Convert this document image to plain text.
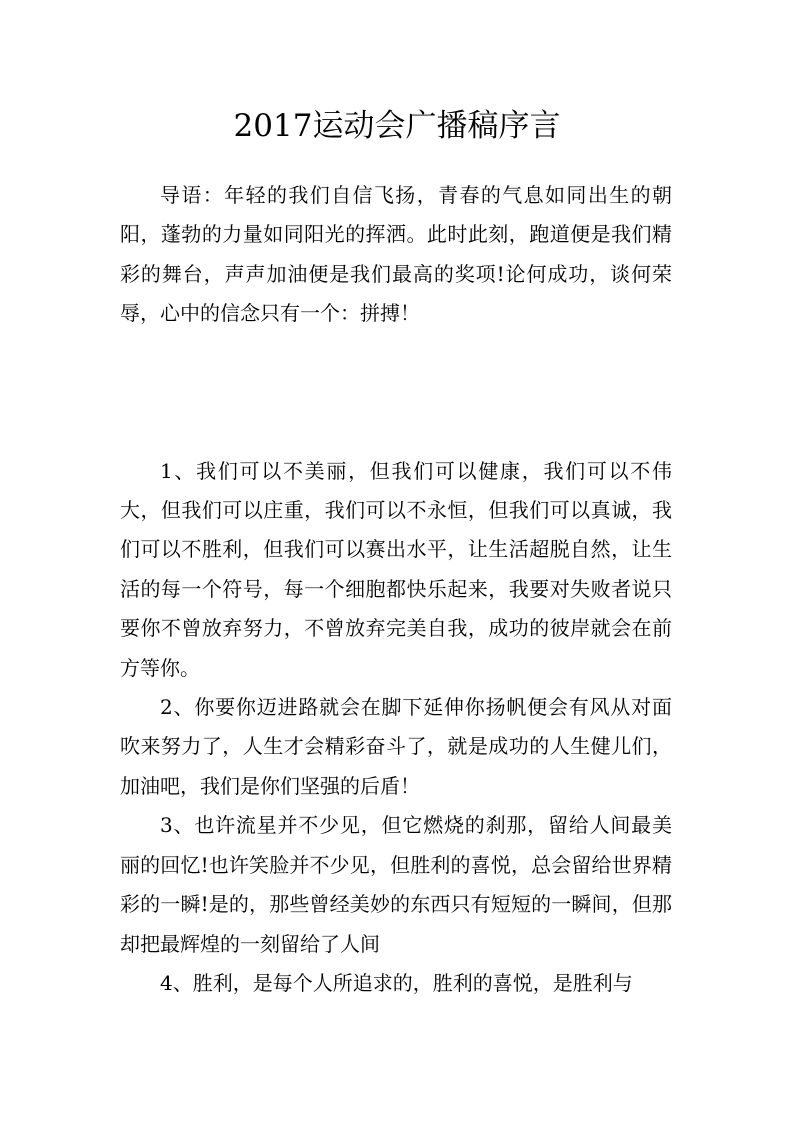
2017运动会广播稿序言

导语：年轻的我们自信飞扬，青春的气息如同出生的朝阳，蓬勃的力量如同阳光的挥洒。此时此刻，跑道便是我们精彩的舞台，声声加油便是我们最高的奖项!论何成功，谈何荣辱，心中的信念只有一个：拼搏！

1、我们可以不美丽，但我们可以健康，我们可以不伟大，但我们可以庄重，我们可以不永恒，但我们可以真诚，我们可以不胜利，但我们可以赛出水平，让生活超脱自然，让生活的每一个符号，每一个细胞都快乐起来，我要对失败者说只要你不曾放弃努力，不曾放弃完美自我，成功的彼岸就会在前方等你。

2、你要你迈进路就会在脚下延伸你扬帆便会有风从对面吹来努力了，人生才会精彩奋斗了，就是成功的人生健儿们，加油吧，我们是你们坚强的后盾！

3、也许流星并不少见，但它燃烧的刹那，留给人间最美丽的回忆!也许笑脸并不少见，但胜利的喜悦，总会留给世界精彩的一瞬!是的，那些曾经美妙的东西只有短短的一瞬间，但那却把最辉煌的一刻留给了人间

4、胜利，是每个人所追求的，胜利的喜悦，是胜利与
